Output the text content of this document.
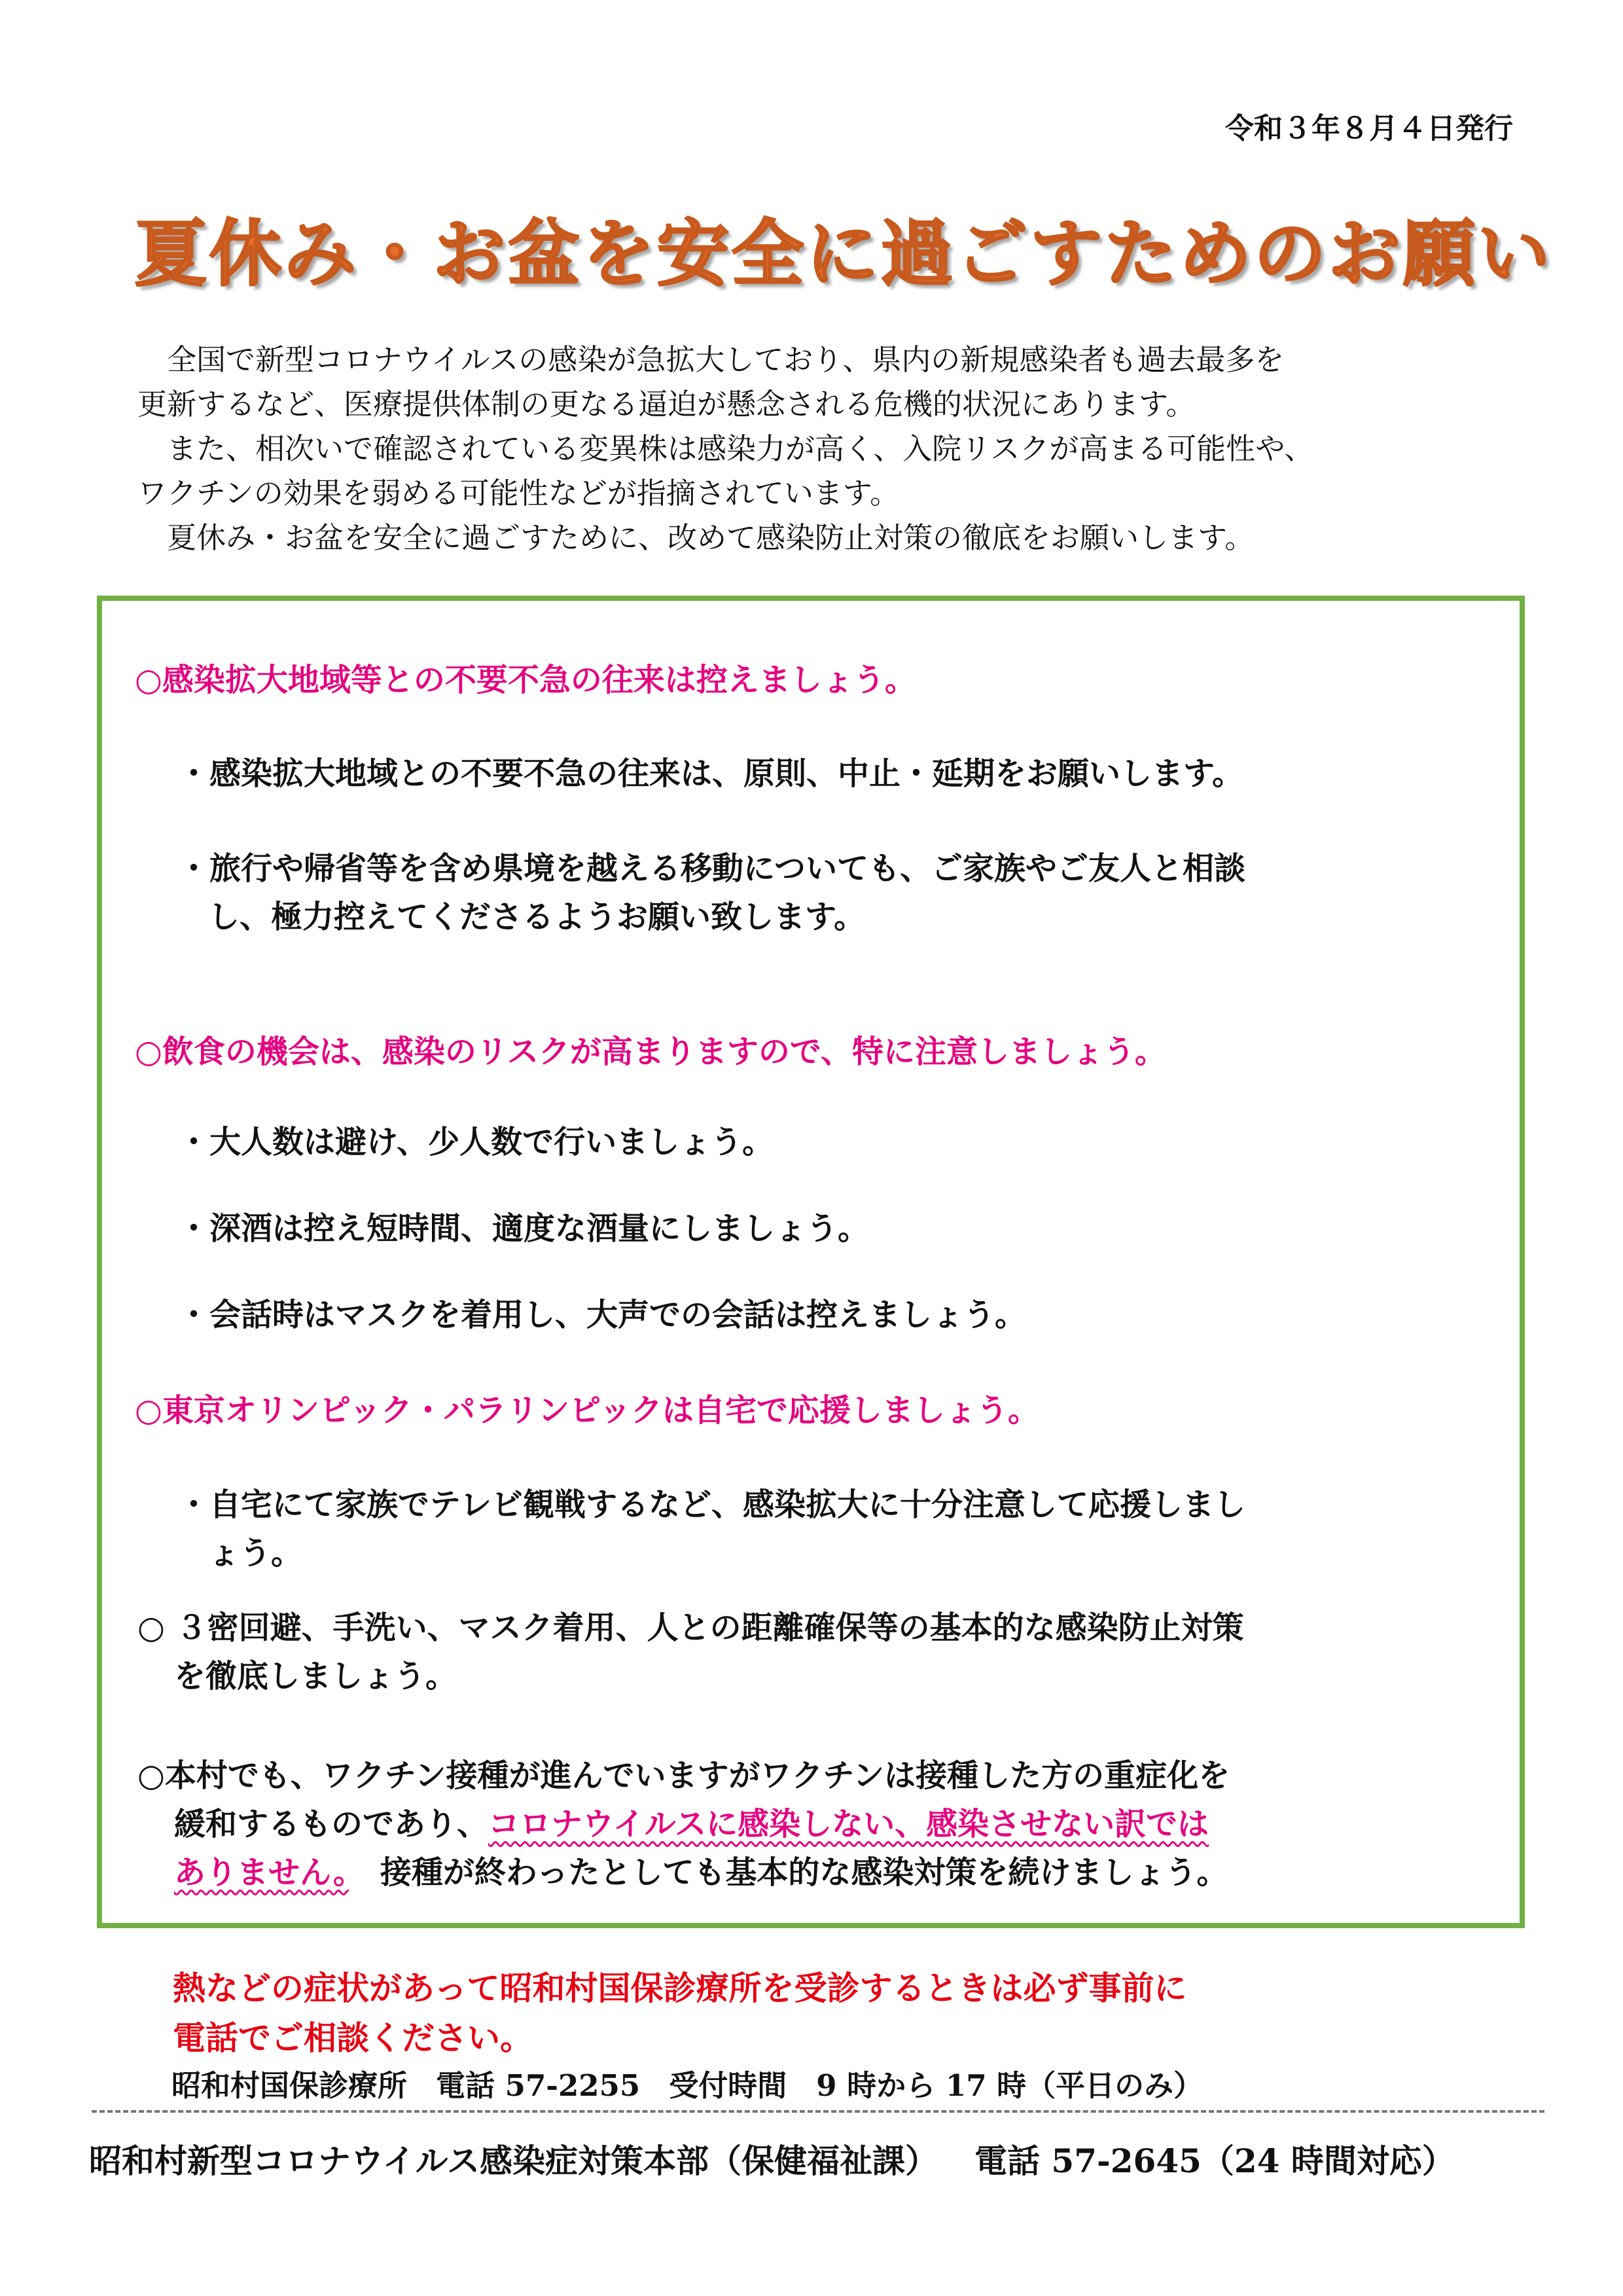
令和３年８月４日発行
夏休み・お盆を安全に過ごすためのお願い
　全国で新型コロナウイルスの感染が急拡大しており、県内の新規感染者も過去最多を
更新するなど、医療提供体制の更なる逼迫が懸念される危機的状況にあります。
　また、相次いで確認されている変異株は感染力が高く、入院リスクが高まる可能性や、
ワクチンの効果を弱める可能性などが指摘されています。
　夏休み・お盆を安全に過ごすために、改めて感染防止対策の徹底をお願いします。
○感染拡大地域等との不要不急の往来は控えましょう。
・感染拡大地域との不要不急の往来は、原則、中止・延期をお願いします。
・旅行や帰省等を含め県境を越える移動についても、ご家族やご友人と相談
し、極力控えてくださるようお願い致します。
○飲食の機会は、感染のリスクが高まりますので、特に注意しましょう。
・大人数は避け、少人数で行いましょう。
・深酒は控え短時間、適度な酒量にしましょう。
・会話時はマスクを着用し、大声での会話は控えましょう。
○東京オリンピック・パラリンピックは自宅で応援しましょう。
・自宅にて家族でテレビ観戦するなど、感染拡大に十分注意して応援しまし
ょう。
○ ３密回避、手洗い、マスク着用、人との距離確保等の基本的な感染防止対策
を徹底しましょう。
○本村でも、ワクチン接種が進んでいますがワクチンは接種した方の重症化を
緩和するものであり、コロナウイルスに感染しない、感染させない訳では
ありません。　接種が終わったとしても基本的な感染対策を続けましょう。
熱などの症状があって昭和村国保診療所を受診するときは必ず事前に
電話でご相談ください。
昭和村国保診療所 電話 57-2255 受付時間　9 時から 17 時（平日のみ）
昭和村新型コロナウイルス感染症対策本部（保健福祉課） 電話 57-2645（24 時間対応）
